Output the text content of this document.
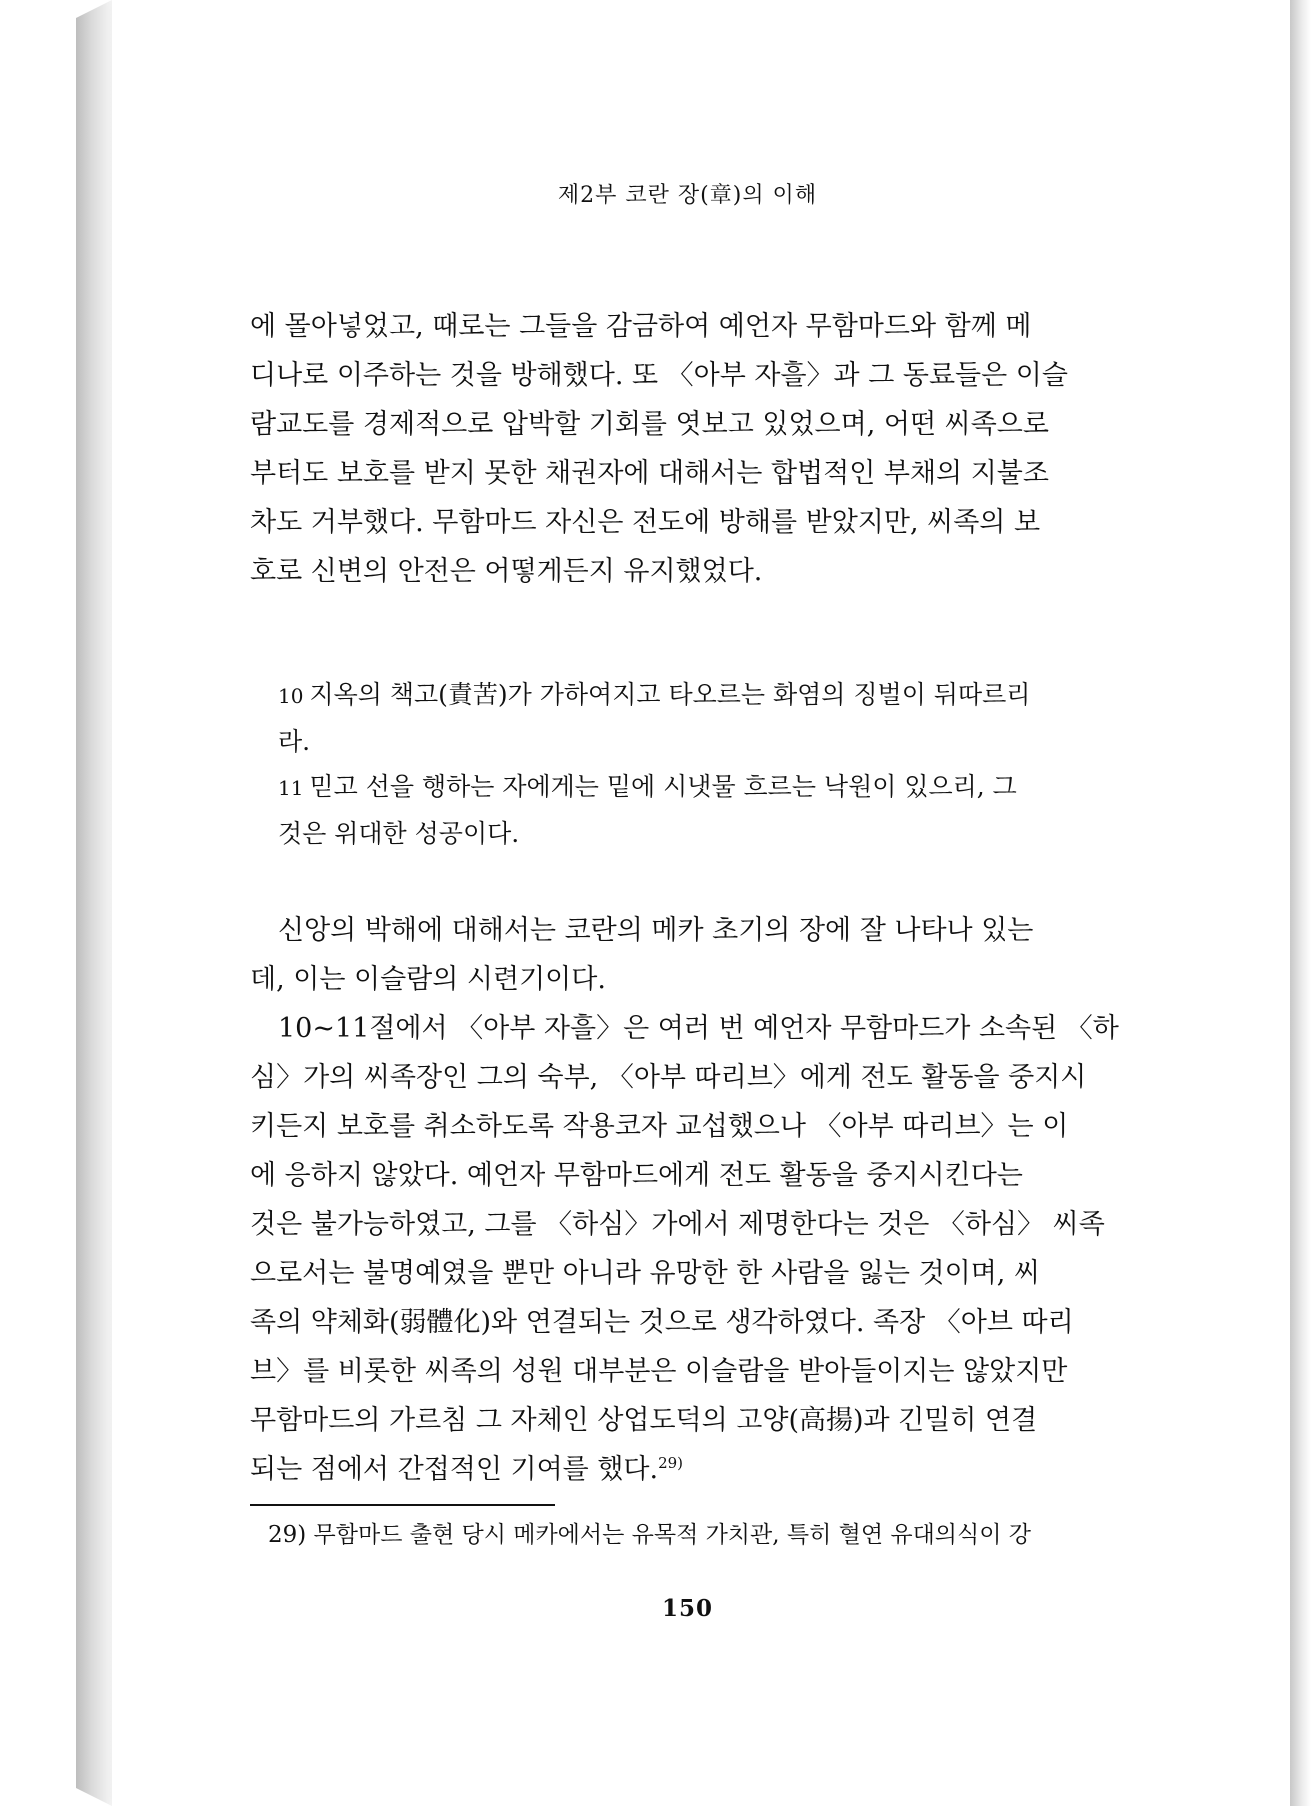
제2부 코란 장(章)의 이해
에 몰아넣었고, 때로는 그들을 감금하여 예언자 무함마드와 함께 메
디나로 이주하는 것을 방해했다. 또 〈아부 자흘〉과 그 동료들은 이슬
람교도를 경제적으로 압박할 기회를 엿보고 있었으며, 어떤 씨족으로
부터도 보호를 받지 못한 채권자에 대해서는 합법적인 부채의 지불조
차도 거부했다. 무함마드 자신은 전도에 방해를 받았지만, 씨족의 보
호로 신변의 안전은 어떻게든지 유지했었다.
10 지옥의 책고(責苦)가 가하여지고 타오르는 화염의 징벌이 뒤따르리
라.
11 믿고 선을 행하는 자에게는 밑에 시냇물 흐르는 낙원이 있으리, 그
것은 위대한 성공이다.
신앙의 박해에 대해서는 코란의 메카 초기의 장에 잘 나타나 있는
데, 이는 이슬람의 시련기이다.
10~11절에서 〈아부 자흘〉은 여러 번 예언자 무함마드가 소속된 〈하
심〉가의 씨족장인 그의 숙부, 〈아부 따리브〉에게 전도 활동을 중지시
키든지 보호를 취소하도록 작용코자 교섭했으나 〈아부 따리브〉는 이
에 응하지 않았다. 예언자 무함마드에게 전도 활동을 중지시킨다는
것은 불가능하였고, 그를 〈하심〉가에서 제명한다는 것은 〈하심〉 씨족
으로서는 불명예였을 뿐만 아니라 유망한 한 사람을 잃는 것이며, 씨
족의 약체화(弱體化)와 연결되는 것으로 생각하였다. 족장 〈아브 따리
브〉를 비롯한 씨족의 성원 대부분은 이슬람을 받아들이지는 않았지만
무함마드의 가르침 그 자체인 상업도덕의 고양(高揚)과 긴밀히 연결
되는 점에서 간접적인 기여를 했다.$^{29)}$

29) 무함마드 출현 당시 메카에서는 유목적 가치관, 특히 혈연 유대의식이 강

150
